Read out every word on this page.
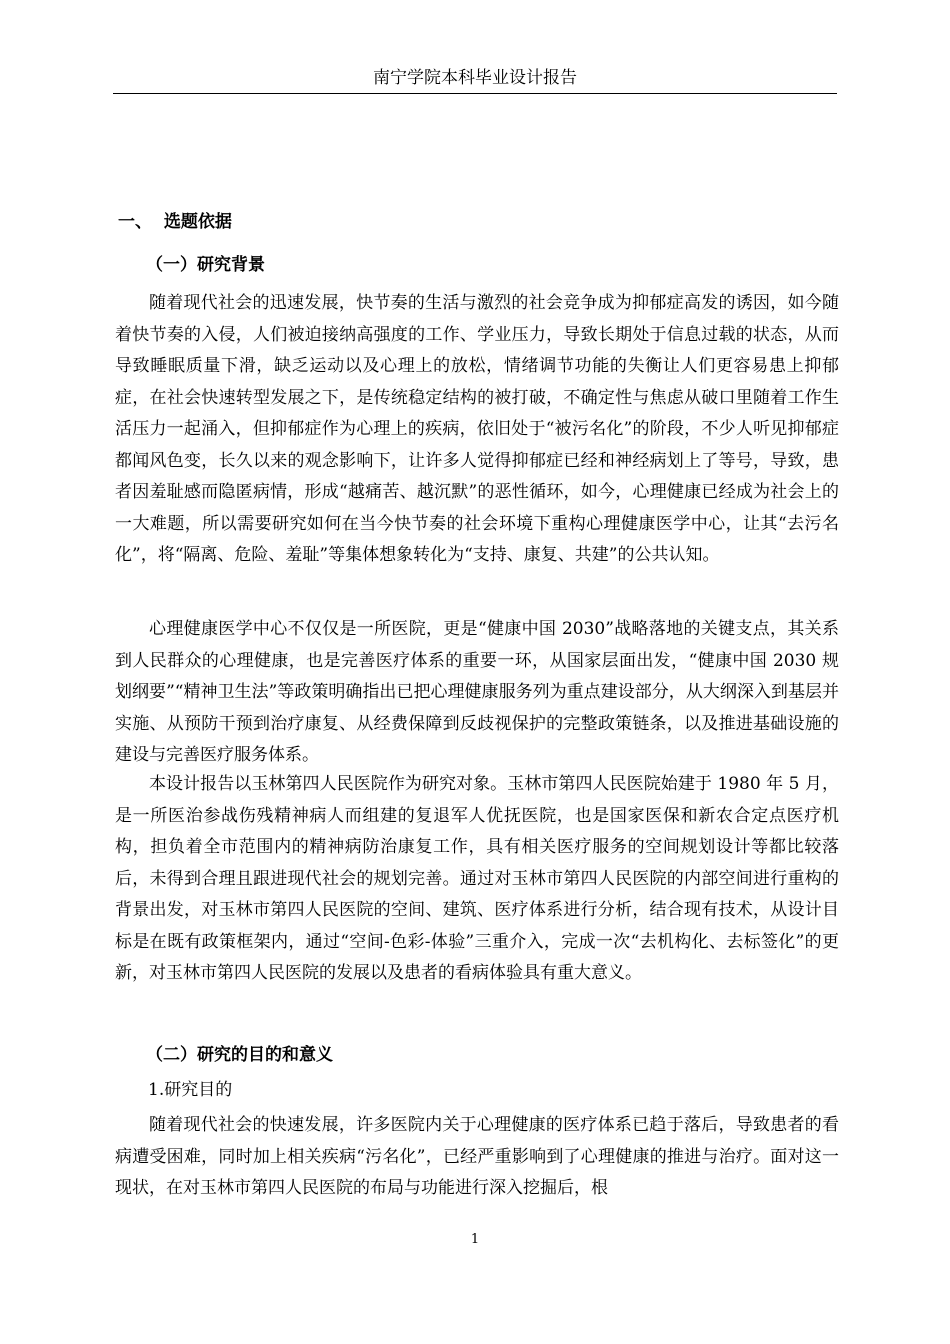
南宁学院本科毕业设计报告
一、  选题依据
（一）研究背景

随着现代社会的迅速发展，快节奏的生活与激烈的社会竞争成为抑郁症高发的诱因，如今随着快节奏的入侵，人们被迫接纳高强度的工作、学业压力，导致长期处于信息过载的状态，从而导致睡眠质量下滑，缺乏运动以及心理上的放松，情绪调节功能的失衡让人们更容易患上抑郁症，在社会快速转型发展之下，是传统稳定结构的被打破，不确定性与焦虑从破口里随着工作生活压力一起涌入，但抑郁症作为心理上的疾病，依旧处于“被污名化”的阶段，不少人听见抑郁症都闻风色变，长久以来的观念影响下，让许多人觉得抑郁症已经和神经病划上了等号，导致，患者因羞耻感而隐匿病情，形成“越痛苦、越沉默”的恶性循环，如今，心理健康已经成为社会上的一大难题，所以需要研究如何在当今快节奏的社会环境下重构心理健康医学中心，让其“去污名化”，将“隔离、危险、羞耻”等集体想象转化为“支持、康复、共建”的公共认知。

心理健康医学中心不仅仅是一所医院，更是“健康中国 2030”战略落地的关键支点，其关系到人民群众的心理健康，也是完善医疗体系的重要一环，从国家层面出发，“健康中国 2030 规划纲要”“精神卫生法”等政策明确指出已把心理健康服务列为重点建设部分，从大纲深入到基层并实施、从预防干预到治疗康复、从经费保障到反歧视保护的完整政策链条，以及推进基础设施的建设与完善医疗服务体系。

本设计报告以玉林第四人民医院作为研究对象。玉林市第四人民医院始建于 1980 年 5 月，是一所医治参战伤残精神病人而组建的复退军人优抚医院，也是国家医保和新农合定点医疗机构，担负着全市范围内的精神病防治康复工作，具有相关医疗服务的空间规划设计等都比较落后，未得到合理且跟进现代社会的规划完善。通过对玉林市第四人民医院的内部空间进行重构的背景出发，对玉林市第四人民医院的空间、建筑、医疗体系进行分析，结合现有技术，从设计目标是在既有政策框架内，通过“空间-色彩-体验”三重介入，完成一次“去机构化、去标签化”的更新，对玉林市第四人民医院的发展以及患者的看病体验具有重大意义。

（二）研究的目的和意义
1.研究目的

随着现代社会的快速发展，许多医院内关于心理健康的医疗体系已趋于落后，导致患者的看病遭受困难，同时加上相关疾病“污名化”，已经严重影响到了心理健康的推进与治疗。面对这一现状，在对玉林市第四人民医院的布局与功能进行深入挖掘后，根

1
